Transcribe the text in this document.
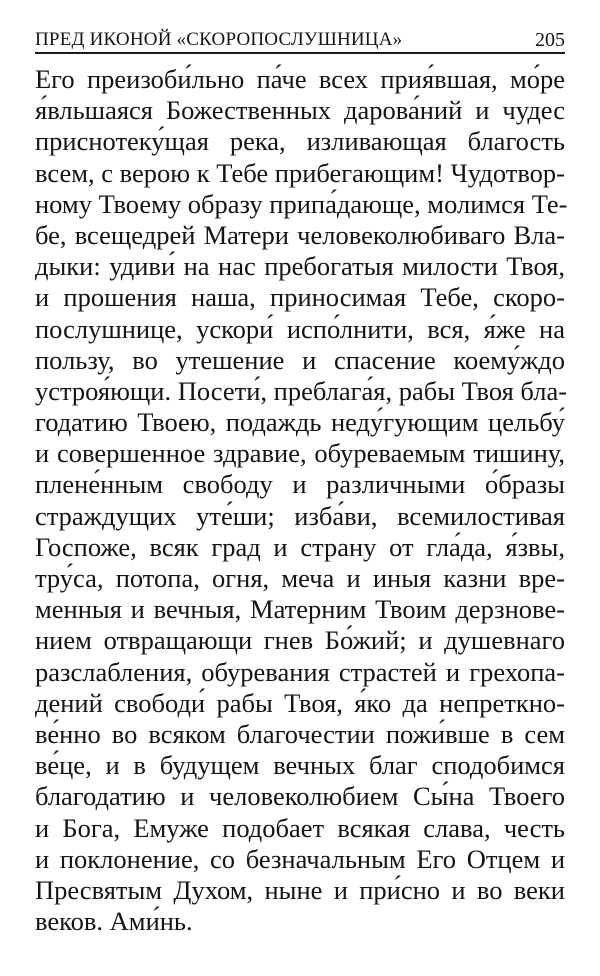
ПРЕД ИКОНОЙ «СКОРОПОСЛУШНИЦА»	205
Его преизоби́льно па́че всех прия́вшая, мо́ре
я́вльшаяся Божественных дарова́ний и чудес
приснотеку́щая река, изливающая благость
всем, с верою к Тебе прибегающим! Чудотвор-
ному Твоему образу припа́дающе, молимся Те-
бе, всещедрей Матери человеколюбиваго Вла-
дыки: удиви́ на нас пребогатыя милости Твоя,
и прошения наша, приносимая Тебе, скоро-
послушнице, ускори́ испо́лнити, вся, я́же на
пользу, во утешение и спасение коему́ждо
устроя́ющи. Посети́, преблага́я, рабы Твоя бла-
годатию Твоею, подаждь неду́гующим цельбу́
и совершенное здравие, обуреваемым тишину,
плене́нным свободу и различными о́бразы
страждущих уте́ши; изба́ви, всемилостивая
Госпоже, всяк град и страну от гла́да, я́звы,
тру́са, потопа, огня, меча и иныя казни вре-
менныя и вечныя, Матерним Твоим дерзнове-
нием отвращающи гнев Бо́жий; и душевнаго
разслабления, обуревания страстей и грехопа-
дений свободи́ рабы Твоя, я́ко да непреткно-
ве́нно во всяком благочестии пожи́вше в сем
ве́це, и в будущем вечных благ сподобимся
благодатию и человеколюбием Сы́на Твоего
и Бога, Емуже подобает всякая слава, честь
и поклонение, со безначальным Его Отцем и
Пресвятым Духом, ныне и при́сно и во веки
веков. Ами́нь.
